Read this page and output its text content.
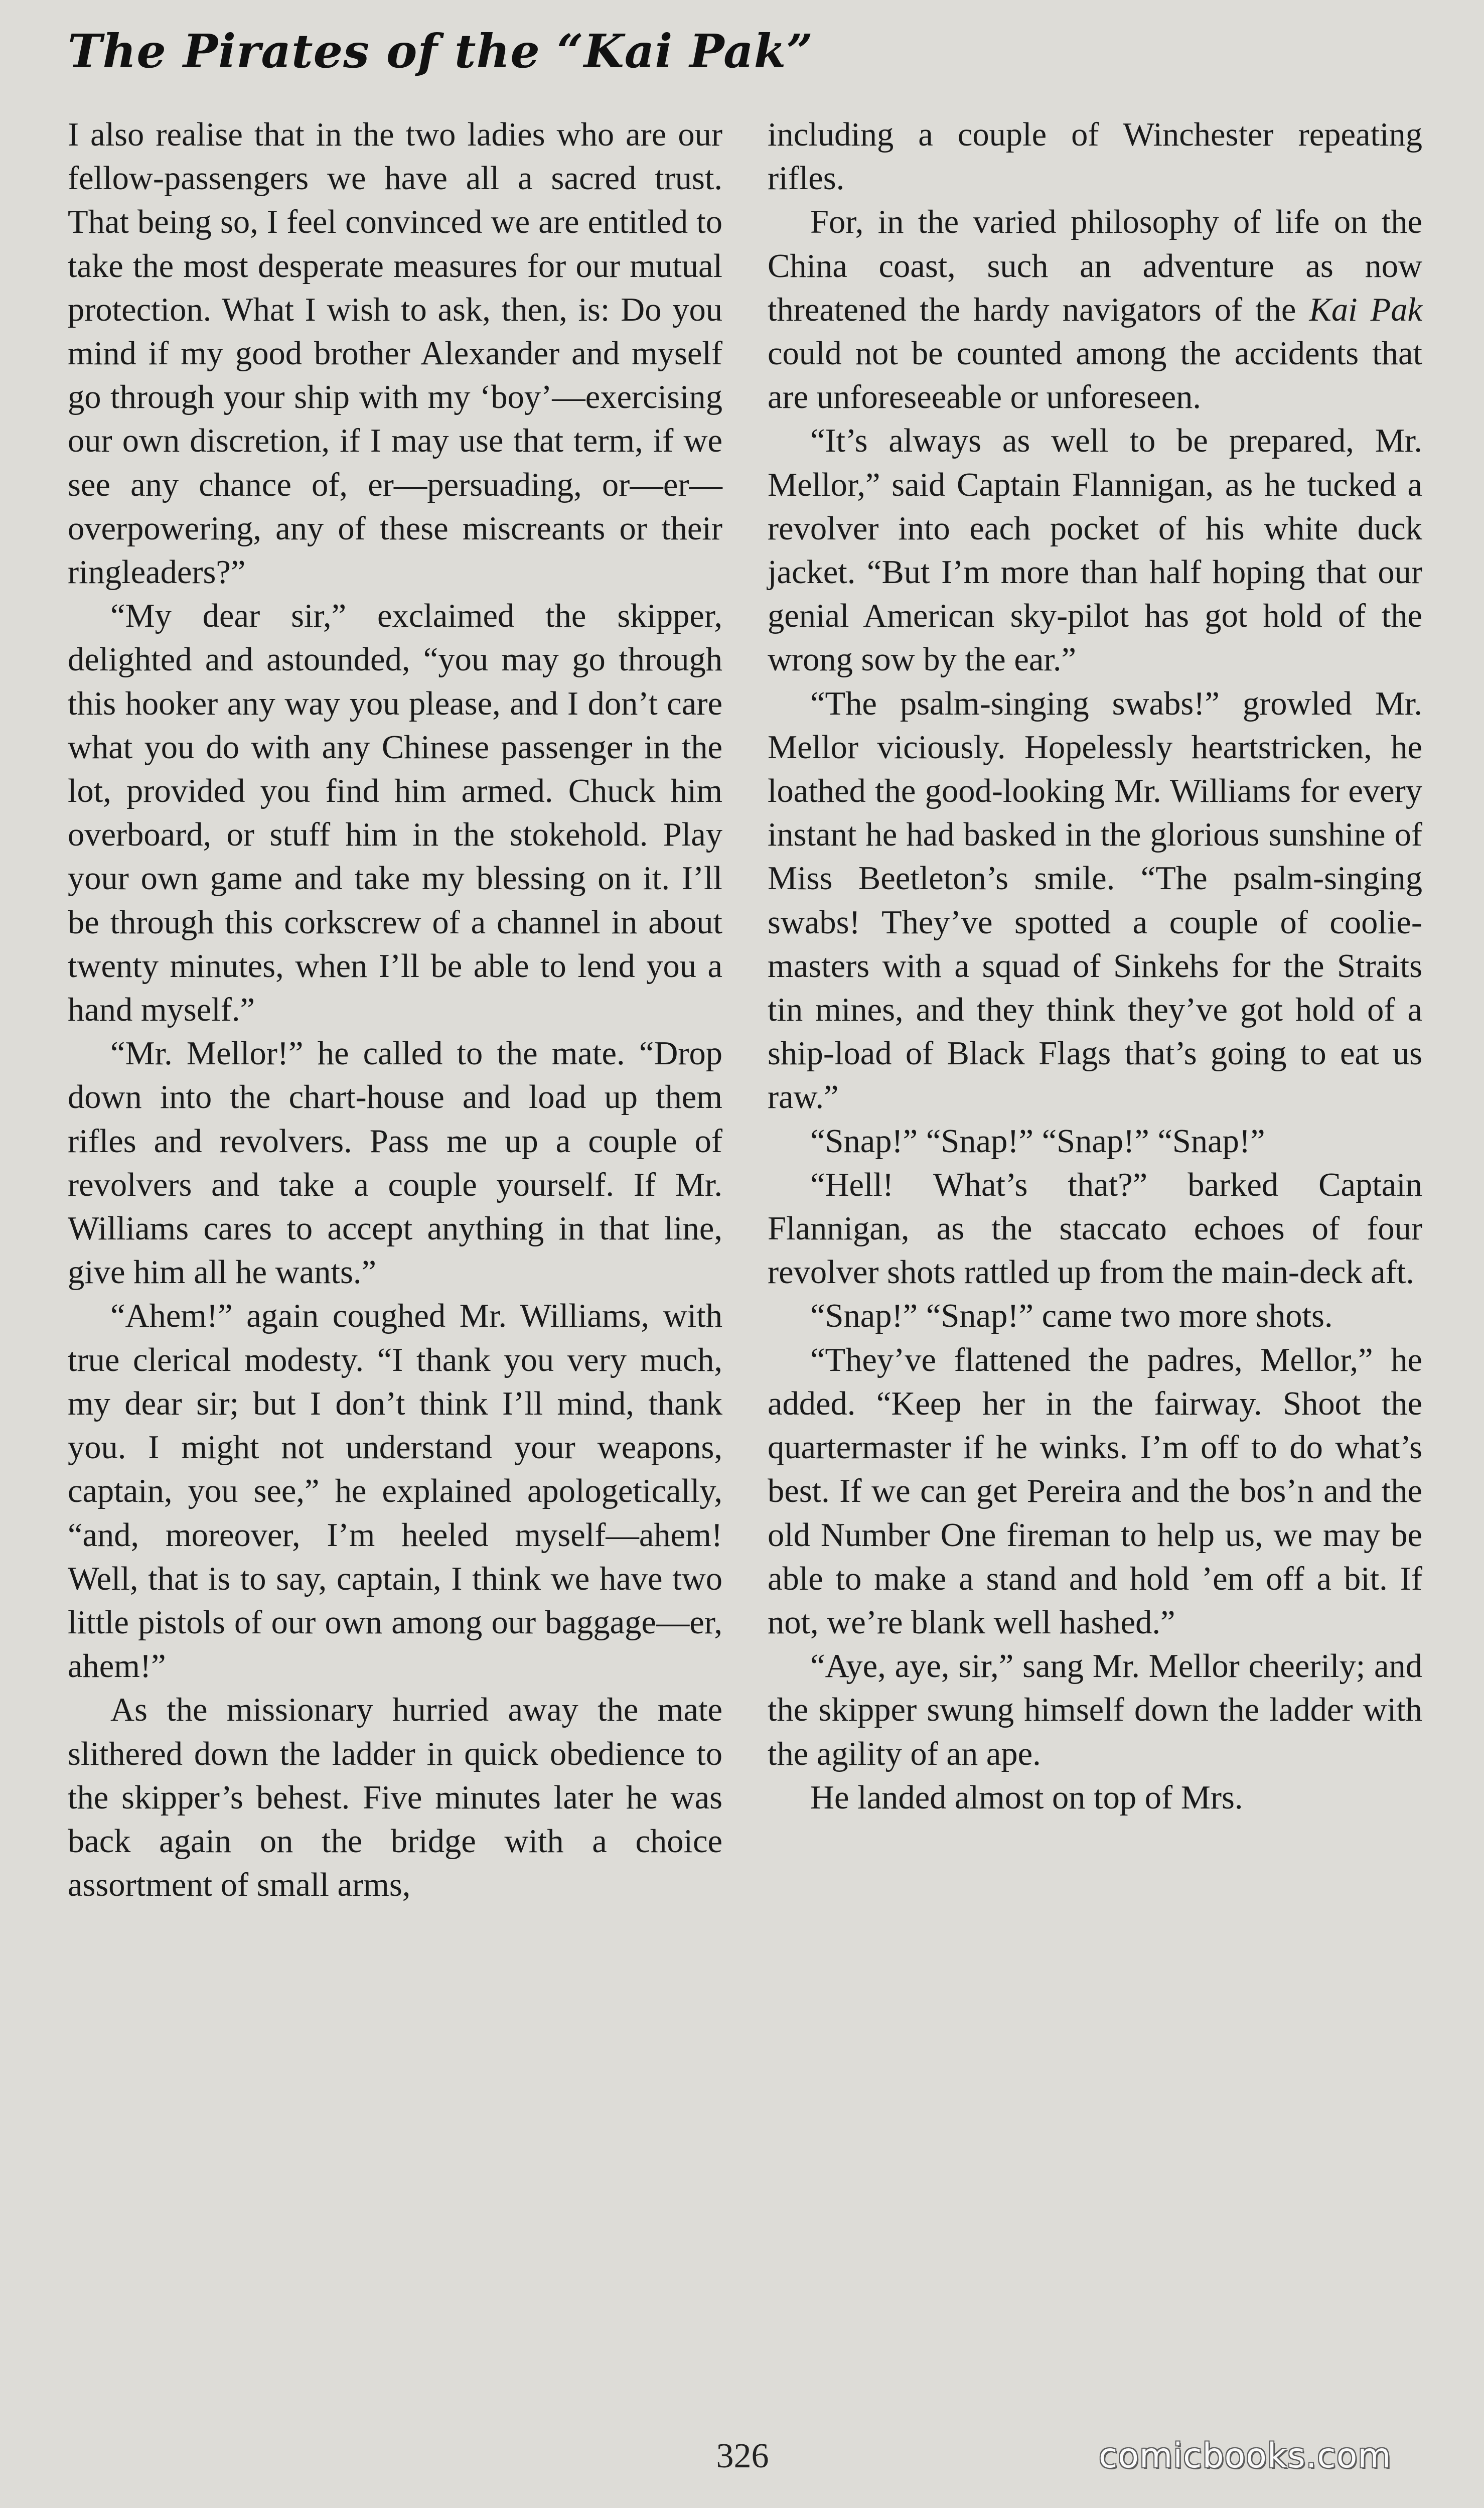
The Pirates of the “Kai Pak”

I also realise that in the two ladies who are our fellow-passengers we have all a sacred trust. That being so, I feel convinced we are entitled to take the most desperate measures for our mutual protection. What I wish to ask, then, is: Do you mind if my good brother Alexander and myself go through your ship with my ‘boy’—exercising our own discretion, if I may use that term, if we see any chance of, er—persuading, or—er—overpowering, any of these miscreants or their ringleaders?”

“My dear sir,” exclaimed the skipper, delighted and astounded, “you may go through this hooker any way you please, and I don’t care what you do with any Chinese passenger in the lot, provided you find him armed. Chuck him overboard, or stuff him in the stokehold. Play your own game and take my blessing on it. I’ll be through this corkscrew of a channel in about twenty minutes, when I’ll be able to lend you a hand myself.”

“Mr. Mellor!” he called to the mate. “Drop down into the chart-house and load up them rifles and revolvers. Pass me up a couple of revolvers and take a couple yourself. If Mr. Williams cares to accept anything in that line, give him all he wants.”

“Ahem!” again coughed Mr. Williams, with true clerical modesty. “I thank you very much, my dear sir; but I don’t think I’ll mind, thank you. I might not understand your weapons, captain, you see,” he explained apologetically, “and, moreover, I’m heeled myself—ahem! Well, that is to say, captain, I think we have two little pistols of our own among our baggage—er, ahem!”

As the missionary hurried away the mate slithered down the ladder in quick obedience to the skipper’s behest. Five minutes later he was back again on the bridge with a choice assortment of small arms,

including a couple of Winchester repeating rifles.

For, in the varied philosophy of life on the China coast, such an adventure as now threatened the hardy navigators of the Kai Pak could not be counted among the accidents that are unforeseeable or unforeseen.

“It’s always as well to be prepared, Mr. Mellor,” said Captain Flannigan, as he tucked a revolver into each pocket of his white duck jacket. “But I’m more than half hoping that our genial American sky-pilot has got hold of the wrong sow by the ear.”

“The psalm-singing swabs!” growled Mr. Mellor viciously. Hopelessly heartstricken, he loathed the good-looking Mr. Williams for every instant he had basked in the glorious sunshine of Miss Beetleton’s smile. “The psalm-singing swabs! They’ve spotted a couple of coolie-masters with a squad of Sinkehs for the Straits tin mines, and they think they’ve got hold of a ship-load of Black Flags that’s going to eat us raw.”

“Snap!” “Snap!” “Snap!” “Snap!”

“Hell! What’s that?” barked Captain Flannigan, as the staccato echoes of four revolver shots rattled up from the main-deck aft.

“Snap!” “Snap!” came two more shots.

“They’ve flattened the padres, Mellor,” he added. “Keep her in the fairway. Shoot the quartermaster if he winks. I’m off to do what’s best. If we can get Pereira and the bos’n and the old Number One fireman to help us, we may be able to make a stand and hold ’em off a bit. If not, we’re blank well hashed.”

“Aye, aye, sir,” sang Mr. Mellor cheerily; and the skipper swung himself down the ladder with the agility of an ape.

He landed almost on top of Mrs.

326	comicbooks.com
